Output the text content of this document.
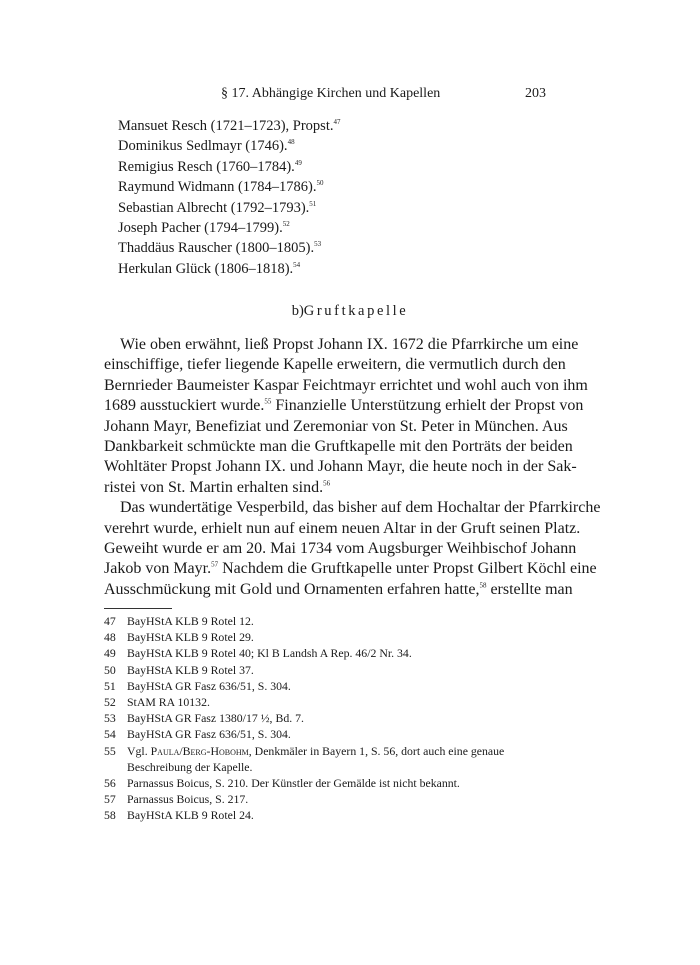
§ 17. Abhängige Kirchen und Kapellen	203
Mansuet Resch (1721–1723), Propst.$^{47}$
Dominikus Sedlmayr (1746).$^{48}$
Remigius Resch (1760–1784).$^{49}$
Raymund Widmann (1784–1786).$^{50}$
Sebastian Albrecht (1792–1793).$^{51}$
Joseph Pacher (1794–1799).$^{52}$
Thaddäus Rauscher (1800–1805).$^{53}$
Herkulan Glück (1806–1818).$^{54}$
b)Gruftkapelle
Wie oben erwähnt, ließ Propst Johann IX. 1672 die Pfarrkirche um eine
einschiffige, tiefer liegende Kapelle erweitern, die vermutlich durch den
Bernrieder Baumeister Kaspar Feichtmayr errichtet und wohl auch von ihm
1689 ausstuckiert wurde.$^{55}$ Finanzielle Unterstützung erhielt der Propst von
Johann Mayr, Benefiziat und Zeremoniar von St. Peter in München. Aus
Dankbarkeit schmückte man die Gruftkapelle mit den Porträts der beiden
Wohltäter Propst Johann IX. und Johann Mayr, die heute noch in der Sak-
ristei von St. Martin erhalten sind.$^{56}$
Das wundertätige Vesperbild, das bisher auf dem Hochaltar der Pfarrkirche
verehrt wurde, erhielt nun auf einem neuen Altar in der Gruft seinen Platz.
Geweiht wurde er am 20. Mai 1734 vom Augsburger Weihbischof Johann
Jakob von Mayr.$^{57}$ Nachdem die Gruftkapelle unter Propst Gilbert Köchl eine
Ausschmückung mit Gold und Ornamenten erfahren hatte,$^{58}$ erstellte man
47 BayHStA KLB 9 Rotel 12.
48 BayHStA KLB 9 Rotel 29.
49 BayHStA KLB 9 Rotel 40; Kl B Landsh A Rep. 46/2 Nr. 34.
50 BayHStA KLB 9 Rotel 37.
51 BayHStA GR Fasz 636/51, S. 304.
52 StAM RA 10132.
53 BayHStA GR Fasz 1380/17 ½, Bd. 7.
54 BayHStA GR Fasz 636/51, S. 304.
55 Vgl. Paula/Berg-Hobohm, Denkmäler in Bayern 1, S. 56, dort auch eine genaue Beschreibung der Kapelle.
56 Parnassus Boicus, S. 210. Der Künstler der Gemälde ist nicht bekannt.
57 Parnassus Boicus, S. 217.
58 BayHStA KLB 9 Rotel 24.
